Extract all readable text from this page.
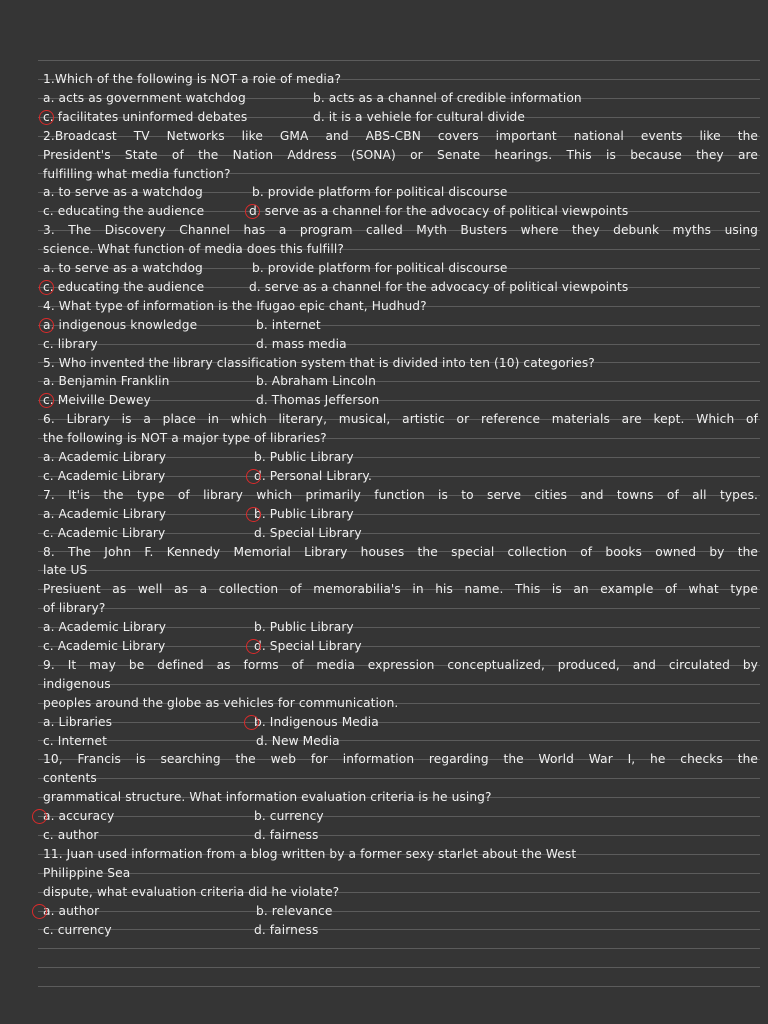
1.Which of the following is NOT a roie of media?
a. acts as government watchdog	b. acts as a channel of credible information
c. facilitates uninformed debates	d. it is a vehiele for cultural divide
2.Broadcast TV Networks like GMA and ABS-CBN covers important national events like the
President's State of the Nation Address (SONA) or Senate hearings. This is because they are
fulfilling what media function?
a. to serve as a watchdog	b. provide platform for political discourse
c. educating the audience	d. serve as a channel for the advocacy of political viewpoints
3. The Discovery Channel has a program called Myth Busters where they debunk myths using
science. What function of media does this fulfill?
a. to serve as a watchdog	b. provide platform for political discourse
c. educating the audience	d. serve as a channel for the advocacy of political viewpoints
4. What type of information is the Ifugao epic chant, Hudhud?
a. indigenous knowledge	b. internet
c. library	d. mass media
5. Who invented the library classification system that is divided into ten (10) categories?
a. Benjamin Franklin	b. Abraham Lincoln
c. Meiville Dewey	d. Thomas Jefferson
6. Library is a place in which literary, musical, artistic or reference materials are kept. Which of
the following is NOT a major type of libraries?
a. Academic Library	b. Public Library
c. Academic Library	d. Personal Library.
7. It'is the type of library which primarily function is to serve cities and towns of all types.
a. Academic Library	b. Public Library
c. Academic Library	d. Special Library
8. The John F. Kennedy Memorial Library houses the special collection of books owned by the
late US
Presiuent as well as a collection of memorabilia's in his name. This is an example of what type
of library?
a. Academic Library	b. Public Library
c. Academic Library	d. Special Library
9. It may be defined as forms of media expression conceptualized, produced, and circulated by
indigenous
peoples around the globe as vehicles for communication.
a. Libraries	b. Indigenous Media
c. Internet	d. New Media
10, Francis is searching the web for information regarding the World War I, he checks the
contents
grammatical structure. What information evaluation criteria is he using?
a. accuracy	b. currency
c. author	d. fairness
11. Juan used information from a blog written by a former sexy starlet about the West
Philippine Sea
dispute, what evaluation criteria did he violate?
a. author	b. relevance
c. currency	d. fairness
